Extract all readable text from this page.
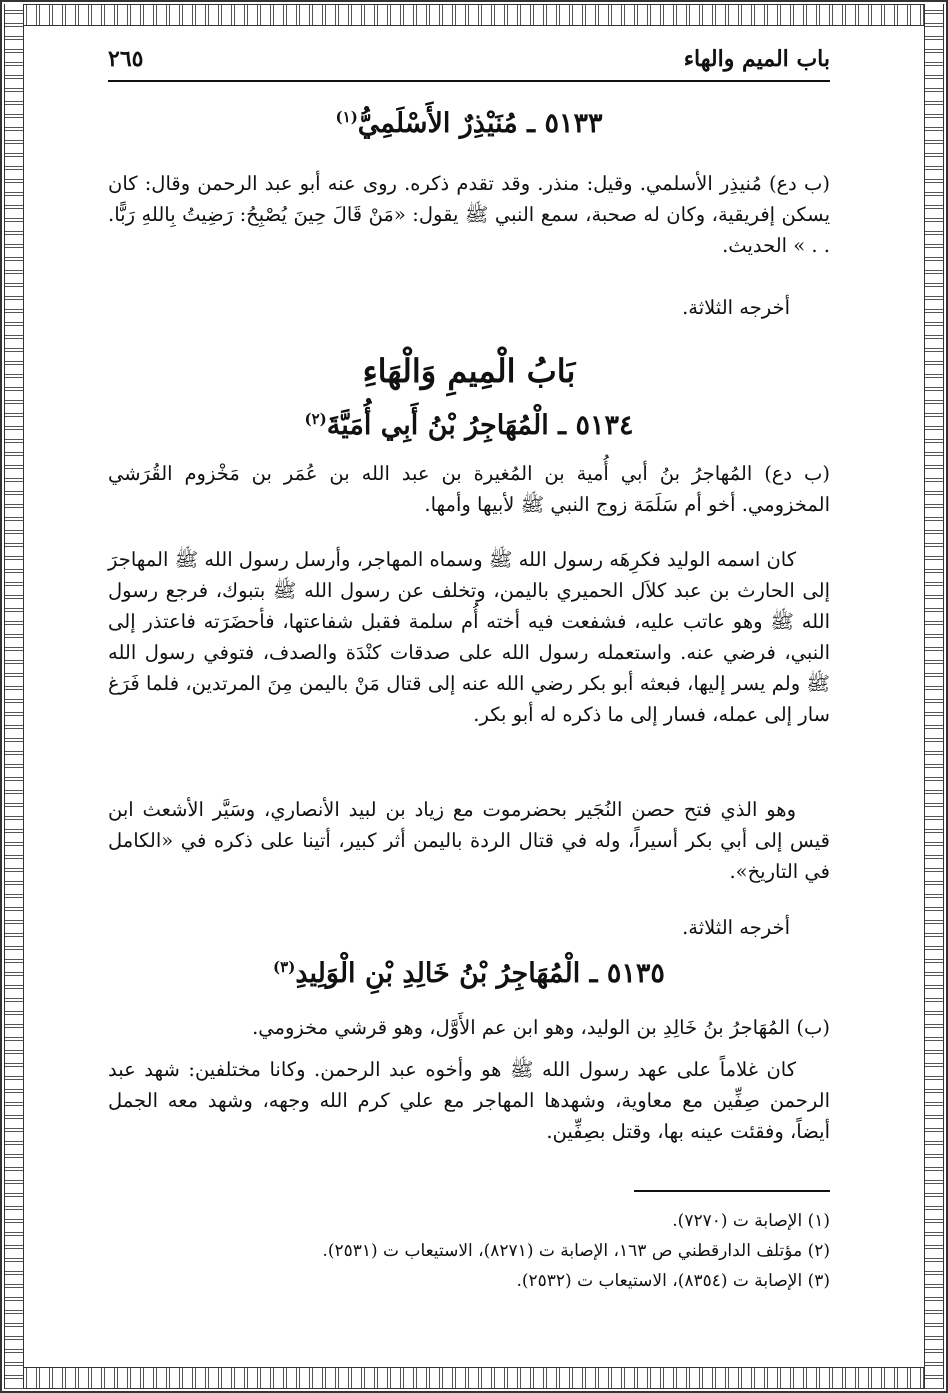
باب الميم والهاء
٢٦٥
٥١٣٣ ـ مُنَيْذِرٌ الأَسْلَمِيُّ$^{(١)}$

(ب دع) مُنيذِر الأسلمي. وقيل: منذر. وقد تقدم ذكره. روى عنه أبو عبد الرحمن وقال: كان يسكن إفريقية، وكان له صحبة، سمع النبي ﷺ يقول: «مَنْ قَالَ حِينَ يُصْبِحُ: رَضِيتُ بِاللهِ رَبًّا. . . » الحديث.

أخرجه الثلاثة.

بَابُ الْمِيمِ وَالْهَاءِ
٥١٣٤ ـ الْمُهَاجِرُ بْنُ أَبِي أُمَيَّةَ$^{(٢)}$

(ب دع) المُهاجرُ بنُ أبي أُمية بن المُغيرة بن عبد الله بن عُمَر بن مَخْزوم القُرَشي المخزومي. أخو أم سَلَمَة زوج النبي ﷺ لأبيها وأمها.

كان اسمه الوليد فكرِهَه رسول الله ﷺ وسماه المهاجر، وأرسل رسول الله ﷺ المهاجرَ إلى الحارث بن عبد كلاَل الحميري باليمن، وتخلف عن رسول الله ﷺ بتبوك، فرجع رسول الله ﷺ وهو عاتب عليه، فشفعت فيه أخته أُم سلمة فقبل شفاعتها، فأحضَرَته فاعتذر إلى النبي، فرضي عنه. واستعمله رسول الله على صدقات كنْدَة والصدف، فتوفي رسول الله ﷺ ولم يسر إليها، فبعثه أبو بكر رضي الله عنه إلى قتال مَنْ باليمن مِنَ المرتدين، فلما فَرَغ سار إلى عمله، فسار إلى ما ذكره له أبو بكر.

وهو الذي فتح حصن النُجَير بحضرموت مع زياد بن لبيد الأنصاري، وسَيَّر الأشعث ابن قيس إلى أبي بكر أسيراً، وله في قتال الردة باليمن أثر كبير، أتينا على ذكره في «الكامل في التاريخ».

أخرجه الثلاثة.

٥١٣٥ ـ الْمُهَاجِرُ بْنُ خَالِدِ بْنِ الْوَلِيدِ$^{(٣)}$

(ب) المُهَاجرُ بنُ خَالِدِ بن الوليد، وهو ابن عم الأَوَّل، وهو قرشي مخزومي.

كان غلاماً على عهد رسول الله ﷺ هو وأخوه عبد الرحمن. وكانا مختلفين: شهد عبد الرحمن صِفِّين مع معاوية، وشهدها المهاجر مع علي كرم الله وجهه، وشهد معه الجمل أيضاً، وفقئت عينه بها، وقتل بصِفِّين.

(١) الإصابة ت (٧٢٧٠).

(٢) مؤتلف الدارقطني ص ١٦٣، الإصابة ت (٨٢٧١)، الاستيعاب ت (٢٥٣١).

(٣) الإصابة ت (٨٣٥٤)، الاستيعاب ت (٢٥٣٢).
